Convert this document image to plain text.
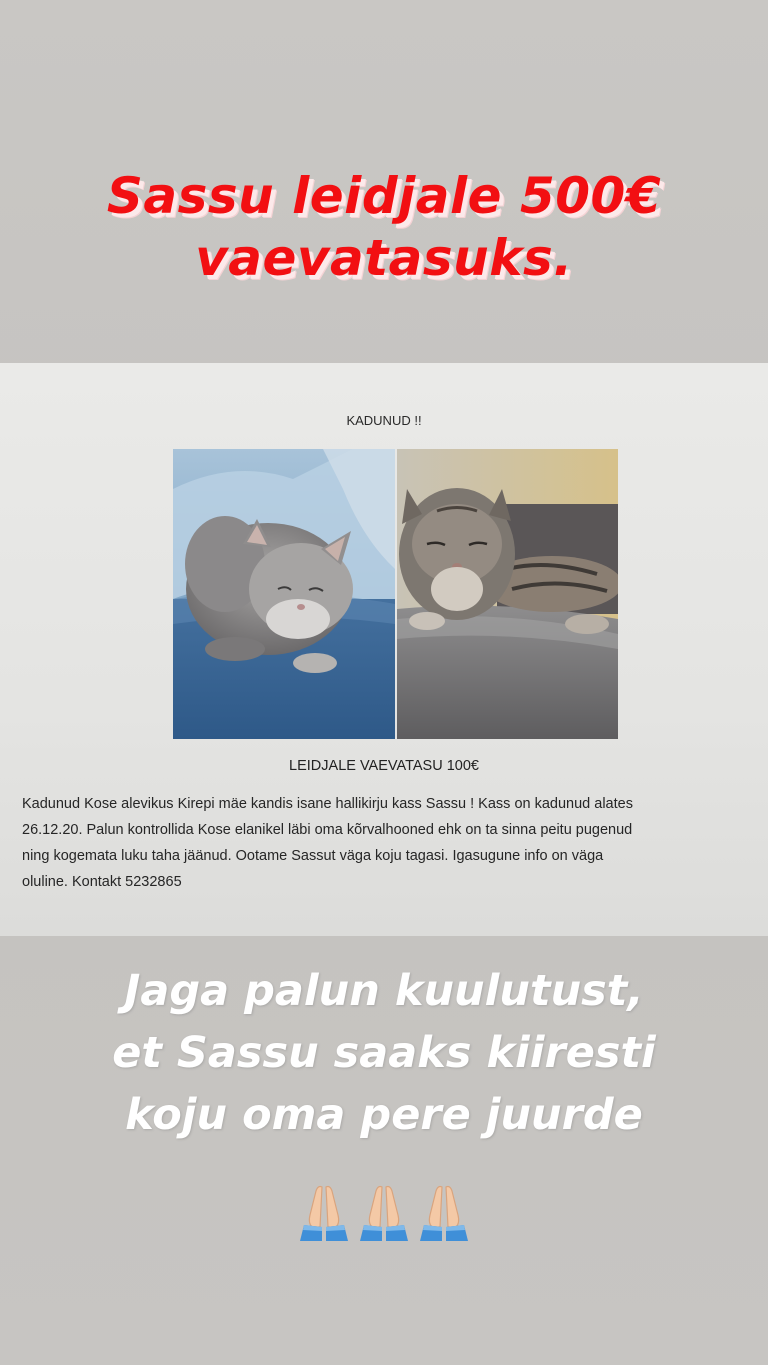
Sassu leidjale 500€
vaevatasuks.
KADUNUD !!
LEIDJALE VAEVATASU 100€
Kadunud Kose alevikus Kirepi mäe kandis isane hallikirju kass Sassu ! Kass on kadunud alates
26.12.20. Palun kontrollida Kose elanikel läbi oma kõrvalhooned ehk on ta sinna peitu pugenud
ning kogemata luku taha jäänud. Ootame Sassut väga koju tagasi. Igasugune info on väga
oluline. Kontakt 5232865
Jaga palun kuulutust,
et Sassu saaks kiiresti
koju oma pere juurde
